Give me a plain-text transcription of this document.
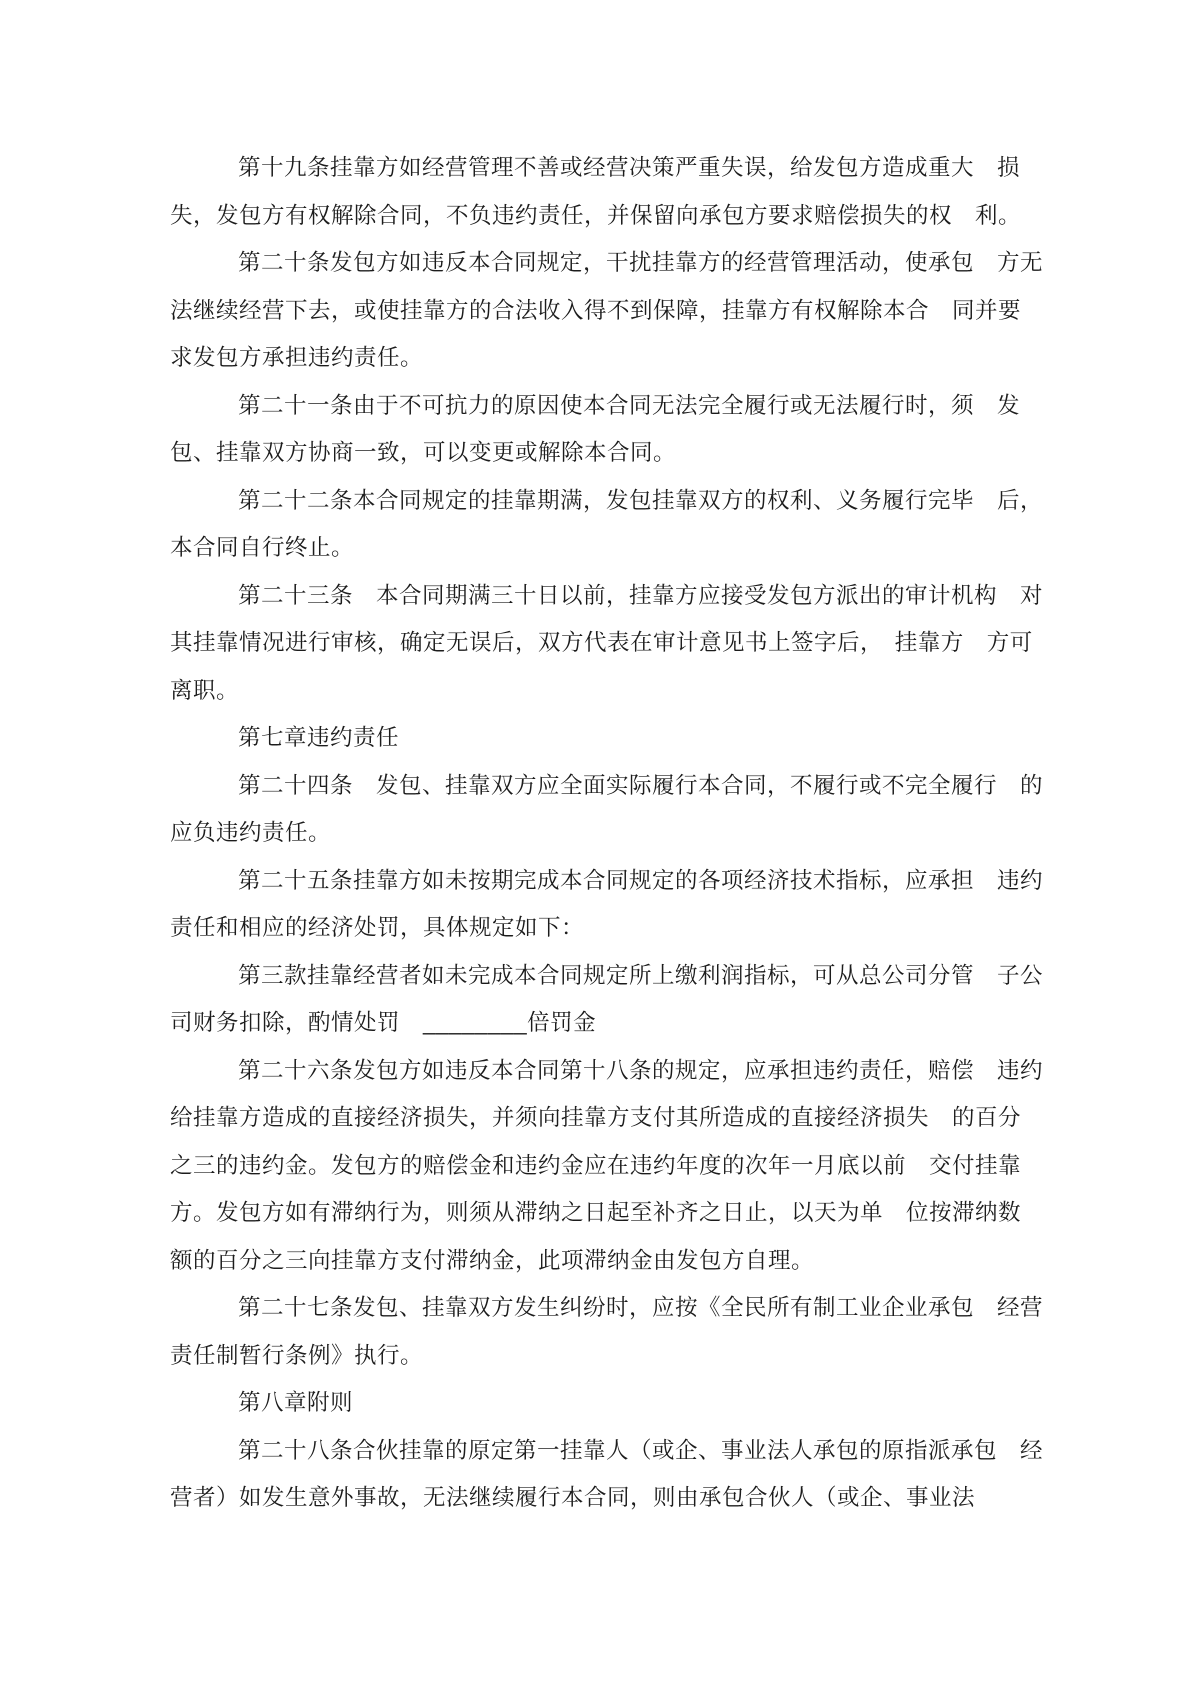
第十九条挂靠方如经营管理不善或经营决策严重失误，给发包方造成重大　损
失，发包方有权解除合同，不负违约责任，并保留向承包方要求赔偿损失的权　利。
第二十条发包方如违反本合同规定，干扰挂靠方的经营管理活动，使承包　方无
法继续经营下去，或使挂靠方的合法收入得不到保障，挂靠方有权解除本合　同并要
求发包方承担违约责任。
第二十一条由于不可抗力的原因使本合同无法完全履行或无法履行时，须　发
包、挂靠双方协商一致，可以变更或解除本合同。
第二十二条本合同规定的挂靠期满，发包挂靠双方的权利、义务履行完毕　后，
本合同自行终止。
第二十三条　本合同期满三十日以前，挂靠方应接受发包方派出的审计机构　对
其挂靠情况进行审核，确定无误后，双方代表在审计意见书上签字后，　挂靠方　方可
离职。
第七章违约责任
第二十四条　发包、挂靠双方应全面实际履行本合同，不履行或不完全履行　的
应负违约责任。
第二十五条挂靠方如未按期完成本合同规定的各项经济技术指标，应承担　违约
责任和相应的经济处罚，具体规定如下：
第三款挂靠经营者如未完成本合同规定所上缴利润指标，可从总公司分管　子公
司财务扣除，酌情处罚　________倍罚金
第二十六条发包方如违反本合同第十八条的规定，应承担违约责任，赔偿　违约
给挂靠方造成的直接经济损失，并须向挂靠方支付其所造成的直接经济损失　的百分
之三的违约金。发包方的赔偿金和违约金应在违约年度的次年一月底以前　交付挂靠
方。发包方如有滞纳行为，则须从滞纳之日起至补齐之日止，以天为单　位按滞纳数
额的百分之三向挂靠方支付滞纳金，此项滞纳金由发包方自理。
第二十七条发包、挂靠双方发生纠纷时，应按《全民所有制工业企业承包　经营
责任制暂行条例》执行。
第八章附则
第二十八条合伙挂靠的原定第一挂靠人（或企、事业法人承包的原指派承包　经
营者）如发生意外事故，无法继续履行本合同，则由承包合伙人（或企、事业法
